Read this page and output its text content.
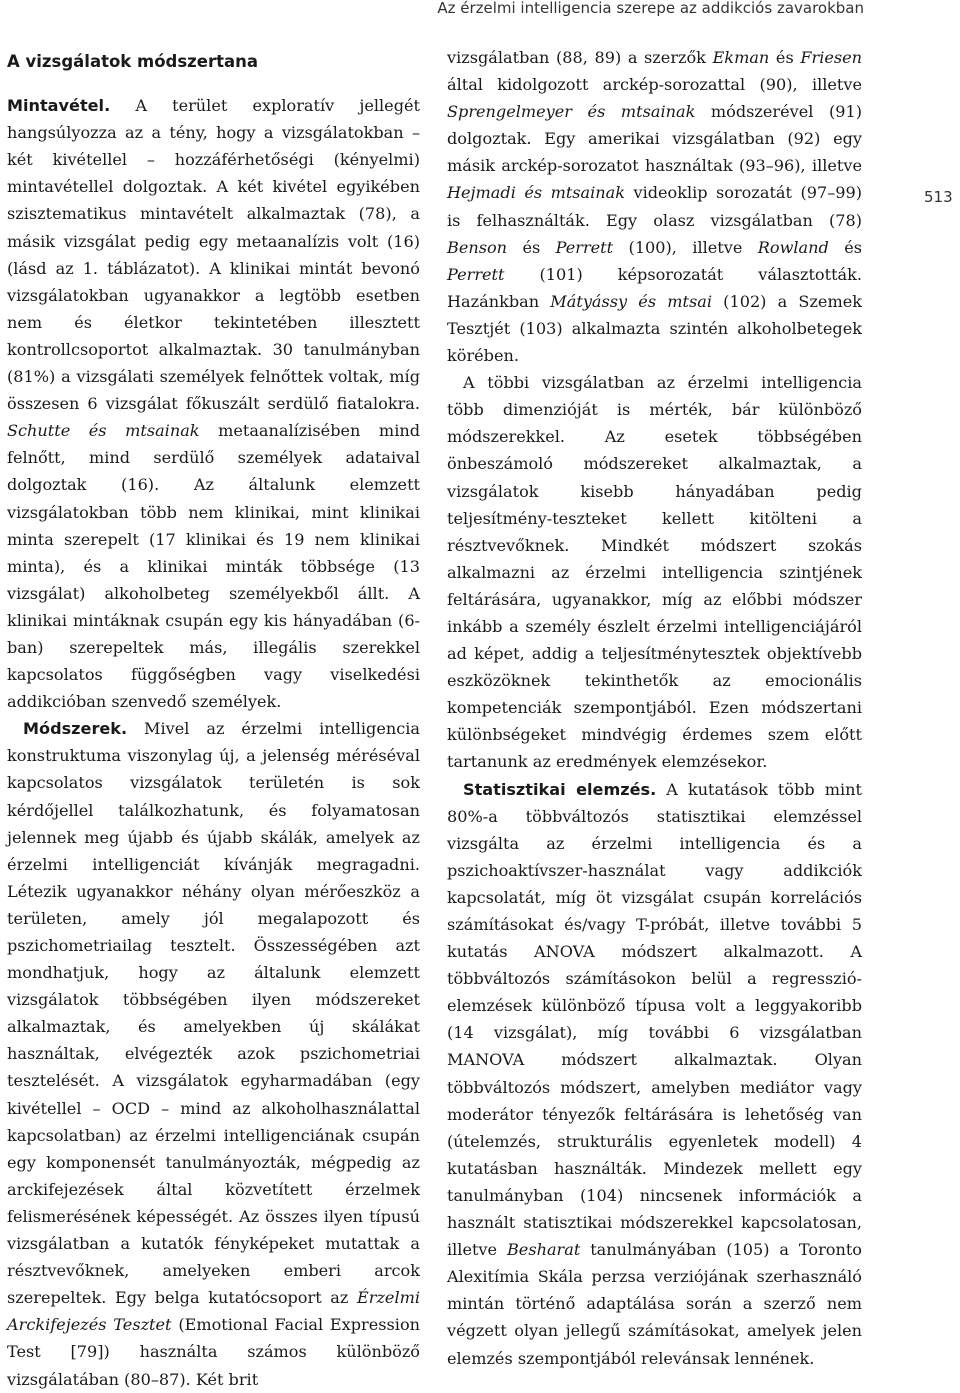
Az érzelmi intelligencia szerepe az addikciós zavarokban
513

A vizsgálatok módszertana

Mintavétel. A terület exploratív jellegét hangsúlyozza az a tény, hogy a vizsgálatokban – két kivétellel – hozzáférhetőségi (kényelmi) mintavétellel dolgoztak. A két kivétel egyikében szisztematikus mintavételt alkalmaztak (78), a másik vizsgálat pedig egy metaanalízis volt (16) (lásd az 1. táblázatot). A klinikai mintát bevonó vizsgálatokban ugyanakkor a legtöbb esetben nem és életkor tekintetében illesztett kontrollcsoportot alkalmaztak. 30 tanulmányban (81%) a vizsgálati személyek felnőttek voltak, míg összesen 6 vizsgálat főkuszált serdülő fiatalokra. Schutte és mtsainak metaanalízisében mind felnőtt, mind serdülő személyek adataival dolgoztak (16). Az általunk elemzett vizsgálatokban több nem klinikai, mint klinikai minta szerepelt (17 klinikai és 19 nem klinikai minta), és a klinikai minták többsége (13 vizsgálat) alkoholbeteg személyekből állt. A klinikai mintáknak csupán egy kis hányadában (6-ban) szerepeltek más, illegális szerekkel kapcsolatos függőségben vagy viselkedési addikcióban szenvedő személyek.

Módszerek. Mivel az érzelmi intelligencia konstruktuma viszonylag új, a jelenség méréséval kapcsolatos vizsgálatok területén is sok kérdőjellel találkozhatunk, és folyamatosan jelennek meg újabb és újabb skálák, amelyek az érzelmi intelligenciát kívánják megragadni. Létezik ugyanakkor néhány olyan mérőeszköz a területen, amely jól megalapozott és pszichometriailag tesztelt. Összességében azt mondhatjuk, hogy az általunk elemzett vizsgálatok többségében ilyen módszereket alkalmaztak, és amelyekben új skálákat használtak, elvégezték azok pszichometriai tesztelését. A vizsgálatok egyharmadában (egy kivétellel – OCD – mind az alkoholhasználattal kapcsolatban) az érzelmi intelligenciának csupán egy komponensét tanulmányozták, mégpedig az arckifejezések által közvetített érzelmek felismerésének képességét. Az összes ilyen típusú vizsgálatban a kutatók fényképeket mutattak a résztvevőknek, amelyeken emberi arcok szerepeltek. Egy belga kutatócsoport az Érzelmi Arckifejezés Tesztet (Emotional Facial Expression Test [79]) használta számos különböző vizsgálatában (80–87). Két brit

vizsgálatban (88, 89) a szerzők Ekman és Friesen által kidolgozott arckép-sorozattal (90), illetve Sprengelmeyer és mtsainak módszerével (91) dolgoztak. Egy amerikai vizsgálatban (92) egy másik arckép-sorozatot használtak (93–96), illetve Hejmadi és mtsainak videoklip sorozatát (97–99) is felhasználták. Egy olasz vizsgálatban (78) Benson és Perrett (100), illetve Rowland és Perrett (101) képsorozatát választották. Hazánkban Mátyássy és mtsai (102) a Szemek Tesztjét (103) alkalmazta szintén alkoholbetegek körében.

A többi vizsgálatban az érzelmi intelligencia több dimenzióját is mérték, bár különböző módszerekkel. Az esetek többségében önbeszámoló módszereket alkalmaztak, a vizsgálatok kisebb hányadában pedig teljesítmény-teszteket kellett kitölteni a résztvevőknek. Mindkét módszert szokás alkalmazni az érzelmi intelligencia szintjének feltárására, ugyanakkor, míg az előbbi módszer inkább a személy észlelt érzelmi intelligenciájáról ad képet, addig a teljesítménytesztek objektívebb eszközöknek tekinthetők az emocionális kompetenciák szempontjából. Ezen módszertani különbségeket mindvégig érdemes szem előtt tartanunk az eredmények elemzésekor.

Statisztikai elemzés. A kutatások több mint 80%-a többváltozós statisztikai elemzéssel vizsgálta az érzelmi intelligencia és a pszichoaktívszer-használat vagy addikciók kapcsolatát, míg öt vizsgálat csupán korrelációs számításokat és/vagy T-próbát, illetve további 5 kutatás ANOVA módszert alkalmazott. A többváltozós számításokon belül a regresszió-elemzések különböző típusa volt a leggyakoribb (14 vizsgálat), míg további 6 vizsgálatban MANOVA módszert alkalmaztak. Olyan többváltozós módszert, amelyben mediátor vagy moderátor tényezők feltárására is lehetőség van (útelemzés, strukturális egyenletek modell) 4 kutatásban használták. Mindezek mellett egy tanulmányban (104) nincsenek információk a használt statisztikai módszerekkel kapcsolatosan, illetve Besharat tanulmányában (105) a Toronto Alexitímia Skála perzsa verziójának szerhasználó mintán történő adaptálása során a szerző nem végzett olyan jellegű számításokat, amelyek jelen elemzés szempontjából relevánsak lennének.
